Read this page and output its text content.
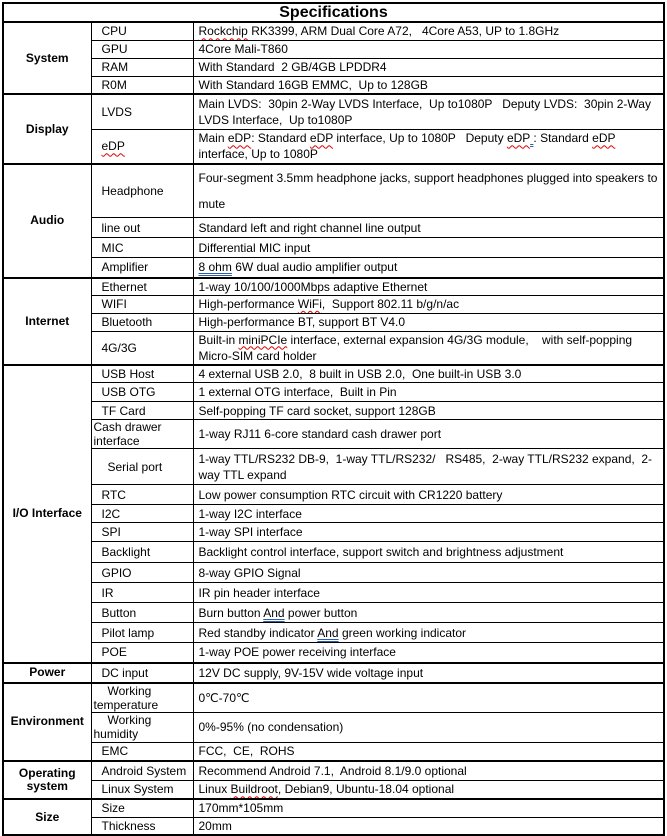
Specifications		
System	CPU	Rockchip RK3399, ARM Dual Core A72,   4Core A53, UP to 1.8GHz
	GPU	4Core Mali-T860
	RAM	With Standard  2 GB/4GB LPDDR4
	R0M	With Standard 16GB EMMC,  Up to 128GB
Display	LVDS	Main LVDS:  30pin 2-Way LVDS Interface,  Up to1080P   Deputy LVDS:  30pin 2-Way LVDS Interface,  Up to1080P
	eDP	Main eDP: Standard eDP interface, Up to 1080P   Deputy eDP : Standard eDP interface, Up to 1080P
Audio	Headphone	Four-segment 3.5mm headphone jacks, support headphones plugged into speakers to mute
	line out	Standard left and right channel line output
	MIC	Differential MIC input
	Amplifier	8 ohm 6W dual audio amplifier output
Internet	Ethernet	1-way 10/100/1000Mbps adaptive Ethernet
	WIFI	High-performance WiFi,  Support 802.11 b/g/n/ac
	Bluetooth	High-performance BT, support BT V4.0
	4G/3G	Built-in miniPCIe interface, external expansion 4G/3G module,    with self-popping Micro-SIM card holder
I/O Interface	USB Host	4 external USB 2.0,  8 built in USB 2.0,  One built-in USB 3.0
	USB OTG	1 external OTG interface,  Built in Pin
	TF Card	Self-popping TF card socket, support 128GB
	Cash drawer interface	1-way RJ11 6-core standard cash drawer port
	Serial port	1-way TTL/RS232 DB-9,  1-way TTL/RS232/   RS485,  2-way TTL/RS232 expand,  2-way TTL expand
	RTC	Low power consumption RTC circuit with CR1220 battery
	I2C	1-way I2C interface
	SPI	1-way SPI interface
	Backlight	Backlight control interface, support switch and brightness adjustment
	GPIO	8-way GPIO Signal
	IR	IR pin header interface
	Button	Burn button And power button
	Pilot lamp	Red standby indicator And green working indicator
	POE	1-way POE power receiving interface
Power	DC input	12V DC supply, 9V-15V wide voltage input
Environment	Working temperature	0℃-70℃
	Working humidity	0%-95% (no condensation)
	EMC	FCC,  CE,  ROHS
Operating system	Android System	Recommend Android 7.1,  Android 8.1/9.0 optional
	Linux System	Linux Buildroot, Debian9, Ubuntu-18.04 optional
Size	Size	170mm*105mm
	Thickness	20mm
